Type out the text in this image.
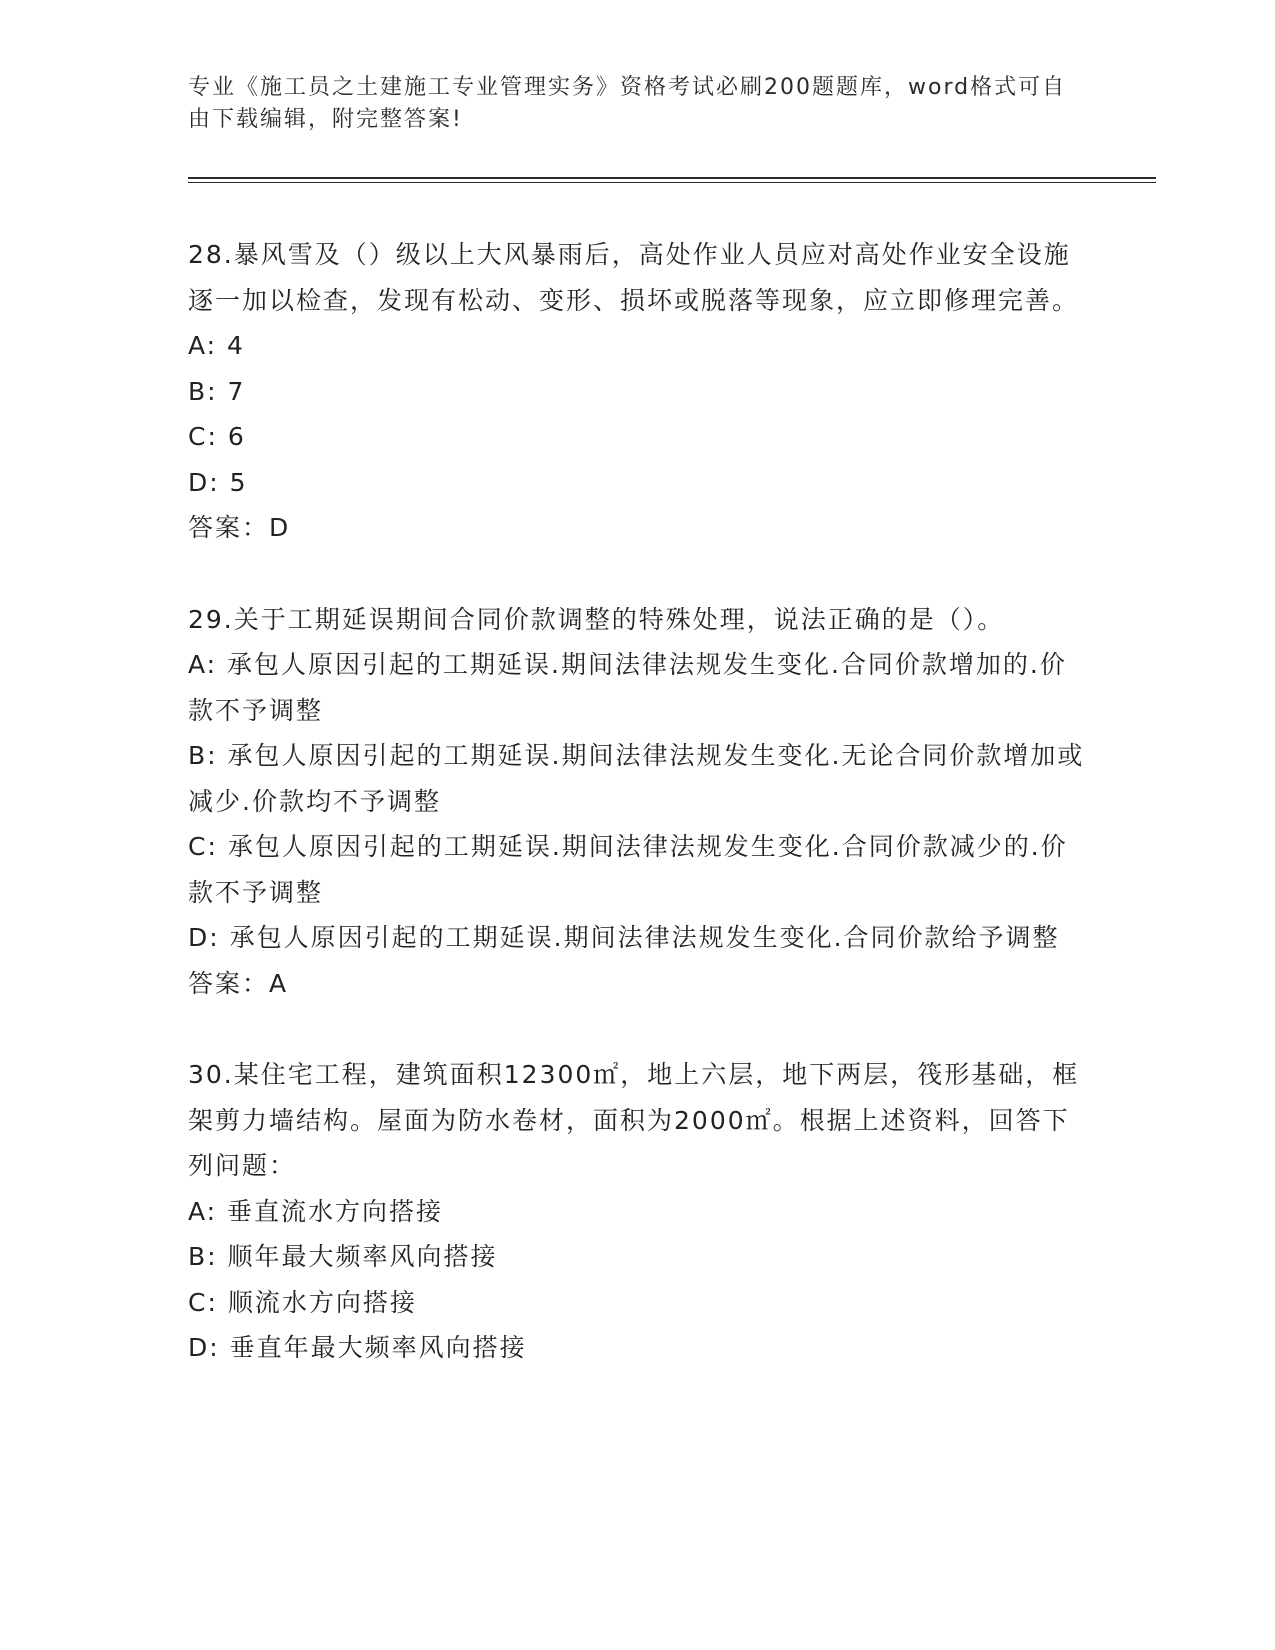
专业《施工员之土建施工专业管理实务》资格考试必刷200题题库，word格式可自由下载编辑，附完整答案!

28.暴风雪及（）级以上大风暴雨后，高处作业人员应对高处作业安全设施逐一加以检查，发现有松动、变形、损坏或脱落等现象，应立即修理完善。

A: 4

B: 7

C: 6

D: 5

答案：D

29.关于工期延误期间合同价款调整的特殊处理，说法正确的是（）。

A: 承包人原因引起的工期延误.期间法律法规发生变化.合同价款增加的.价款不予调整

B: 承包人原因引起的工期延误.期间法律法规发生变化.无论合同价款增加或减少.价款均不予调整

C: 承包人原因引起的工期延误.期间法律法规发生变化.合同价款减少的.价款不予调整

D: 承包人原因引起的工期延误.期间法律法规发生变化.合同价款给予调整

答案：A

30.某住宅工程，建筑面积12300㎡，地上六层，地下两层，筏形基础，框架剪力墙结构。屋面为防水卷材，面积为2000㎡。根据上述资料，回答下列问题：

A: 垂直流水方向搭接

B: 顺年最大频率风向搭接

C: 顺流水方向搭接

D: 垂直年最大频率风向搭接
